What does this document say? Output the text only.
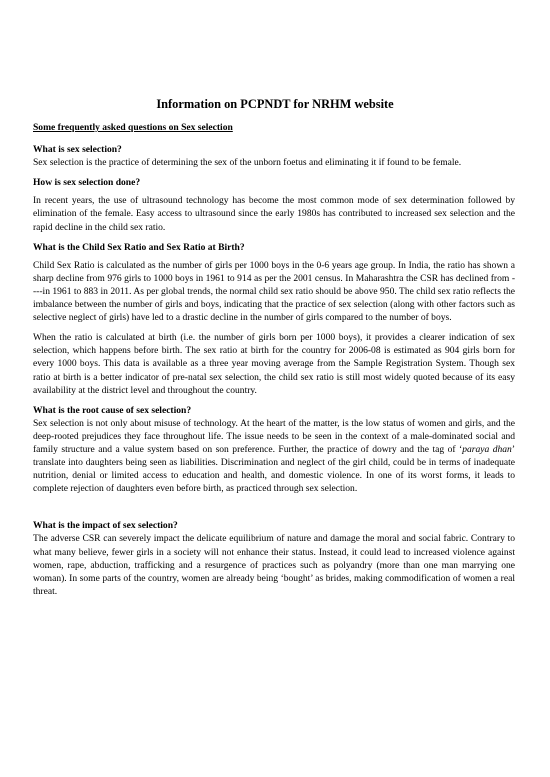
Information on PCPNDT for NRHM website

Some frequently asked questions on Sex selection

What is sex selection?

Sex selection is the practice of determining the sex of the unborn foetus and eliminating it if found to be female.

How is sex selection done?

In recent years, the use of ultrasound technology has become the most common mode of sex determination followed by elimination of the female. Easy access to ultrasound since the early 1980s has contributed to increased sex selection and the rapid decline in the child sex ratio.

What is the Child Sex Ratio and Sex Ratio at Birth?

Child Sex Ratio is calculated as the number of girls per 1000 boys in the 0-6 years age group. In India, the ratio has shown a sharp decline from 976 girls to 1000 boys in 1961 to 914 as per the 2001 census. In Maharashtra the CSR has declined from ----in 1961 to 883 in 2011. As per global trends, the normal child sex ratio should be above 950. The child sex ratio reflects the imbalance between the number of girls and boys, indicating that the practice of sex selection (along with other factors such as selective neglect of girls) have led to a drastic decline in the number of girls compared to the number of boys.

When the ratio is calculated at birth (i.e. the number of girls born per 1000 boys), it provides a clearer indication of sex selection, which happens before birth. The sex ratio at birth for the country for 2006-08 is estimated as 904 girls born for every 1000 boys. This data is available as a three year moving average from the Sample Registration System. Though sex ratio at birth is a better indicator of pre-natal sex selection, the child sex ratio is still most widely quoted because of its easy availability at the district level and throughout the country.

What is the root cause of sex selection?

Sex selection is not only about misuse of technology. At the heart of the matter, is the low status of women and girls, and the deep-rooted prejudices they face throughout life. The issue needs to be seen in the context of a male-dominated social and family structure and a value system based on son preference. Further, the practice of dowry and the tag of ‘paraya dhan’ translate into daughters being seen as liabilities. Discrimination and neglect of the girl child, could be in terms of inadequate nutrition, denial or limited access to education and health, and domestic violence. In one of its worst forms, it leads to complete rejection of daughters even before birth, as practiced through sex selection.

What is the impact of sex selection?

The adverse CSR can severely impact the delicate equilibrium of nature and damage the moral and social fabric. Contrary to what many believe, fewer girls in a society will not enhance their status. Instead, it could lead to increased violence against women, rape, abduction, trafficking and a resurgence of practices such as polyandry (more than one man marrying one woman). In some parts of the country, women are already being ‘bought’ as brides, making commodification of women a real threat.
